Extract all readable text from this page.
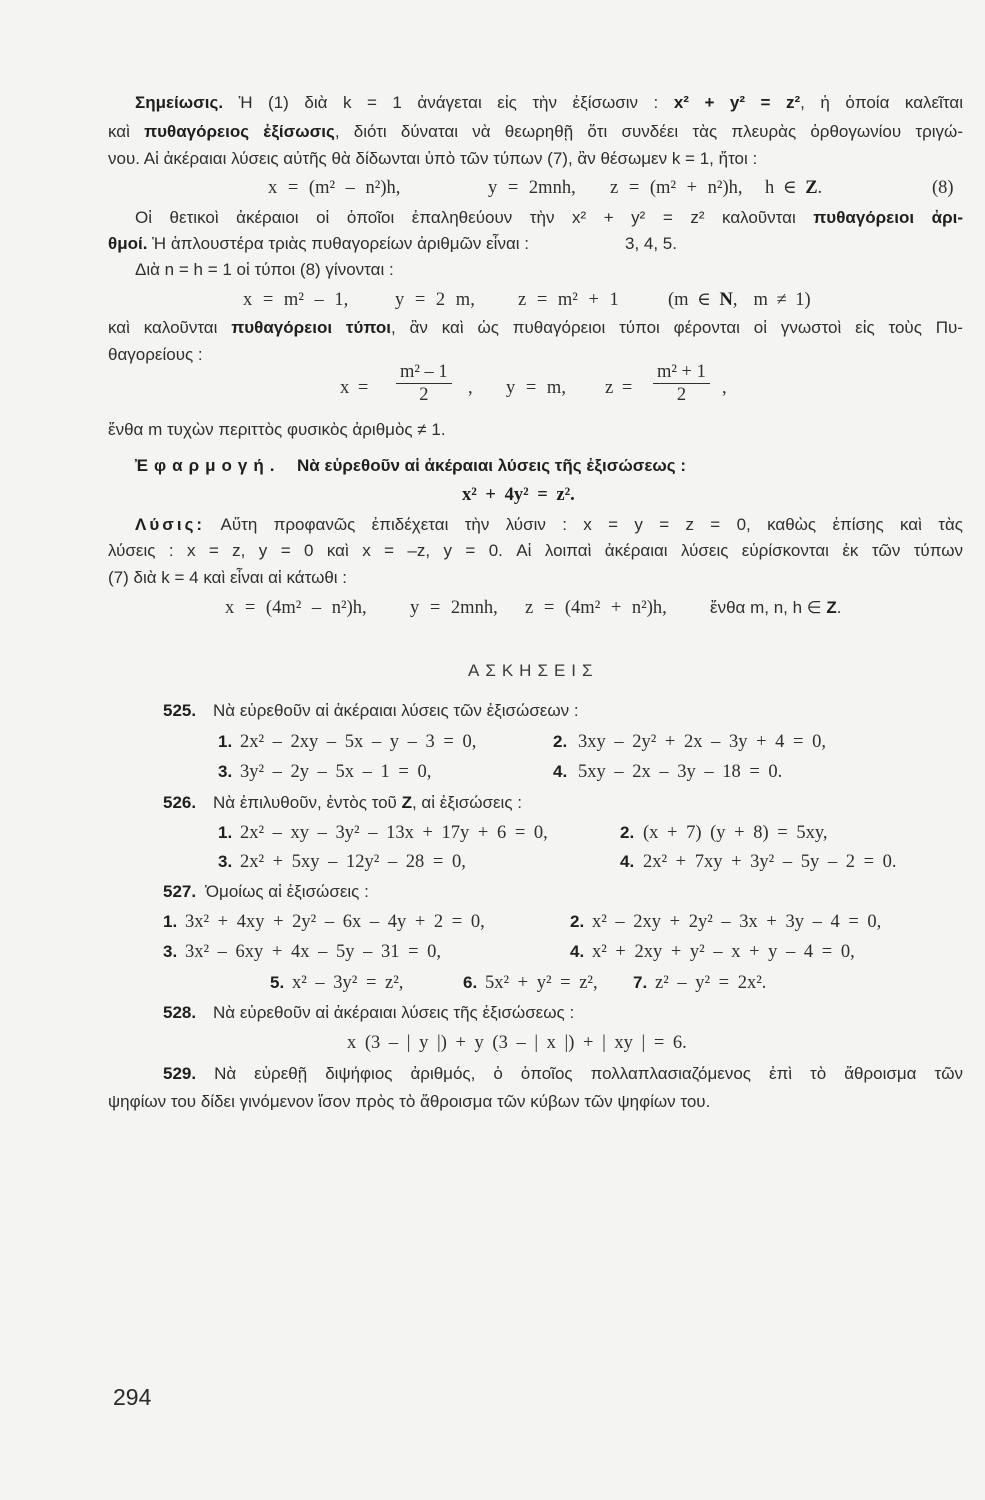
Σημείωσις. Ἡ (1) διὰ k = 1 ἀνάγεται εἰς τὴν ἐξίσωσιν : x² + y² = z², ἡ ὁποία καλεῖται
καὶ πυθαγόρειος ἐξίσωσις, διότι δύναται νὰ θεωρηθῇ ὅτι συνδέει τὰς πλευρὰς ὀρθογωνίου τριγώ-
νου. Αἱ ἀκέραιαι λύσεις αὐτῆς θὰ δίδωνται ὑπὸ τῶν τύπων (7), ἂν θέσωμεν k = 1, ἤτοι :
x = (m² – n²)h,	y = 2mnh, z = (m² + n²)h, h ∈ Z.	(8)
Οἱ θετικοὶ ἀκέραιοι οἱ ὁποῖοι ἐπαληθεύουν τὴν x² + y² = z² καλοῦνται πυθαγόρειοι ἀρι-
θμοί. Ἡ ἁπλουστέρα τριὰς πυθαγορείων ἀριθμῶν εἶναι :	3, 4, 5.
Διὰ n = h = 1 οἱ τύποι (8) γίνονται :
x = m² – 1,	y = 2 m, z = m² + 1	(m ∈ N, m ≠ 1)
καὶ καλοῦνται πυθαγόρειοι τύποι, ἂν καὶ ὡς πυθαγόρειοι τύποι φέρονται οἱ γνωστοὶ εἰς τοὺς Πυ-
θαγορείους :
$x = \frac{\text{m² – 1}}{2}$ , y = m, $z = \frac{\text{m² + 1}}{2}$ ,
ἔνθα m τυχὼν περιττὸς φυσικὸς ἀριθμὸς ≠ 1.
Ἐφαρμογή. Νὰ εὑρεθοῦν αἱ ἀκέραιαι λύσεις τῆς ἐξισώσεως :
x² + 4y² = z².
Λύσις: Αὕτη προφανῶς ἐπιδέχεται τὴν λύσιν : x = y = z = 0, καθὼς ἐπίσης καὶ τὰς
λύσεις : x = z, y = 0 καὶ x = –z, y = 0. Αἱ λοιπαὶ ἀκέραιαι λύσεις εὑρίσκονται ἐκ τῶν τύπων
(7) διὰ k = 4 καὶ εἶναι αἱ κάτωθι :
x = (4m² – n²)h, y = 2mnh, z = (4m² + n²)h,	ἔνθα m, n, h ∈ Z.
ΑΣΚΗΣΕΙΣ
525. Νὰ εὑρεθοῦν αἱ ἀκέραιαι λύσεις τῶν ἐξισώσεων :
1. 2x² – 2xy – 5x – y – 3 = 0,	2. 3xy – 2y² + 2x – 3y + 4 = 0,
3. 3y² – 2y – 5x – 1 = 0,	4. 5xy – 2x – 3y – 18 = 0.
526. Νὰ ἐπιλυθοῦν, ἐντὸς τοῦ Z, αἱ ἐξισώσεις :
1. 2x² – xy – 3y² – 13x + 17y + 6 = 0,	2. (x + 7) (y + 8) = 5xy,
3. 2x² + 5xy – 12y² – 28 = 0,	4. 2x² + 7xy + 3y² – 5y – 2 = 0.
527. Ὁμοίως αἱ ἐξισώσεις :
1. 3x² + 4xy + 2y² – 6x – 4y + 2 = 0,	2. x² – 2xy + 2y² – 3x + 3y – 4 = 0,
3. 3x² – 6xy + 4x – 5y – 31 = 0,	4. x² + 2xy + y² – x + y – 4 = 0,
5. x² – 3y² = z²,	6. 5x² + y² = z², 7. z² – y² = 2x².
528. Νὰ εὑρεθοῦν αἱ ἀκέραιαι λύσεις τῆς ἐξισώσεως :
x (3 – | y |) + y (3 – | x |) + | xy | = 6.
529. Νὰ εὑρεθῇ διψήφιος ἀριθμός, ὁ ὁποῖος πολλαπλασιαζόμενος ἐπὶ τὸ ἄθροισμα τῶν
ψηφίων του δίδει γινόμενον ἴσον πρὸς τὸ ἄθροισμα τῶν κύβων τῶν ψηφίων του.
294
